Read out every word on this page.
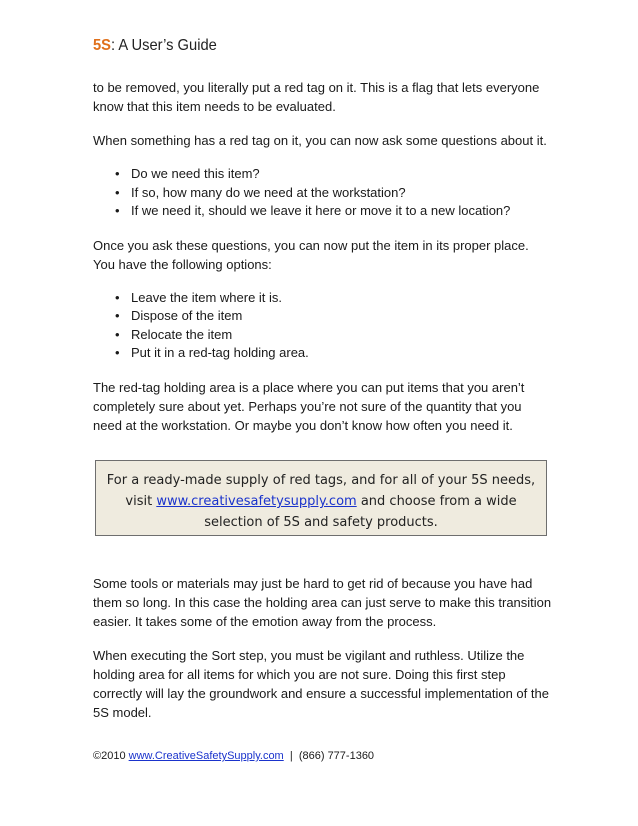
5S: A User’s Guide

to be removed, you literally put a red tag on it. This is a flag that lets everyone know that this item needs to be evaluated.

When something has a red tag on it, you can now ask some questions about it.

• Do we need this item?
• If so, how many do we need at the workstation?
• If we need it, should we leave it here or move it to a new location?

Once you ask these questions, you can now put the item in its proper place. You have the following options:

• Leave the item where it is.
• Dispose of the item
• Relocate the item
• Put it in a red-tag holding area.

The red-tag holding area is a place where you can put items that you aren’t completely sure about yet. Perhaps you’re not sure of the quantity that you need at the workstation. Or maybe you don’t know how often you need it.

For a ready-made supply of red tags, and for all of your 5S needs,
visit www.creativesafetysupply.com and choose from a wide
selection of 5S and safety products.

Some tools or materials may just be hard to get rid of because you have had them so long. In this case the holding area can just serve to make this transition easier. It takes some of the emotion away from the process.

When executing the Sort step, you must be vigilant and ruthless. Utilize the holding area for all items for which you are not sure. Doing this first step correctly will lay the groundwork and ensure a successful implementation of the 5S model.

©2010 www.CreativeSafetySupply.com  |  (866) 777-1360
